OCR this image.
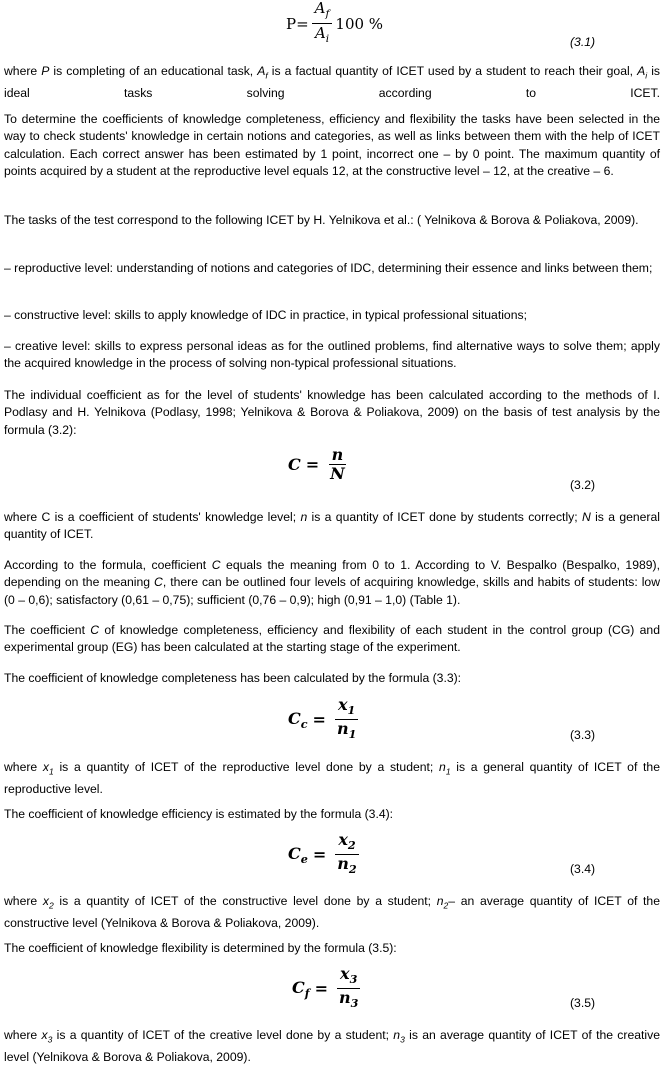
$P= \frac{A_f}{A_i} 100$ %
(3.1)

where P is completing of an educational task, $A_f$ is a factual quantity of ICET used by a student to reach their goal, $A_i$ is ideal tasks solving according to ICET.

To determine the coefficients of knowledge completeness, efficiency and flexibility the tasks have been selected in the way to check students' knowledge in certain notions and categories, as well as links between them with the help of ICET calculation. Each correct answer has been estimated by 1 point, incorrect one – by 0 point. The maximum quantity of points acquired by a student at the reproductive level equals 12, at the constructive level – 12, at the creative – 6.

The tasks of the test correspond to the following ICET by H. Yelnikova et al.: ( Yelnikova & Borova & Poliakova, 2009).

– reproductive level: understanding of notions and categories of IDC, determining their essence and links between them;

– constructive level: skills to apply knowledge of IDC in practice, in typical professional situations;

– creative level: skills to express personal ideas as for the outlined problems, find alternative ways to solve them; apply the acquired knowledge in the process of solving non-typical professional situations.

The individual coefficient as for the level of students' knowledge has been calculated according to the methods of I. Podlasy and H. Yelnikova (Podlasy, 1998; Yelnikova & Borova & Poliakova, 2009) on the basis of test analysis by the formula (3.2):

$C = \frac{n}{N}$
(3.2)

where C is a coefficient of students' knowledge level; n is a quantity of ICET done by students correctly; N is a general quantity of ICET.

According to the formula, coefficient C equals the meaning from 0 to 1. According to V. Bespalko (Bespalko, 1989), depending on the meaning C, there can be outlined four levels of acquiring knowledge, skills and habits of students: low (0 – 0,6); satisfactory (0,61 – 0,75); sufficient (0,76 – 0,9); high (0,91 – 1,0) (Table 1).

The coefficient C of knowledge completeness, efficiency and flexibility of each student in the control group (CG) and experimental group (EG) has been calculated at the starting stage of the experiment.

The coefficient of knowledge completeness has been calculated by the formula (3.3):

$C_c = \frac{x_1}{n_1}$	(3.3)

where $x_1$ is a quantity of ICET of the reproductive level done by a student; $n_1$ is a general quantity of ICET of the reproductive level.

The coefficient of knowledge efficiency is estimated by the formula (3.4):

$C_e = \frac{x_2}{n_2}$	(3.4)

where $x_2$ is a quantity of ICET of the constructive level done by a student; $n_2-$ an average quantity of ICET of the constructive level (Yelnikova & Borova & Poliakova, 2009).

The coefficient of knowledge flexibility is determined by the formula (3.5):

$C_f = \frac{x_3}{n_3}$	(3.5)

where $x_3$ is a quantity of ICET of the creative level done by a student; $n_3$ is an average quantity of ICET of the creative level (Yelnikova & Borova & Poliakova, 2009).
